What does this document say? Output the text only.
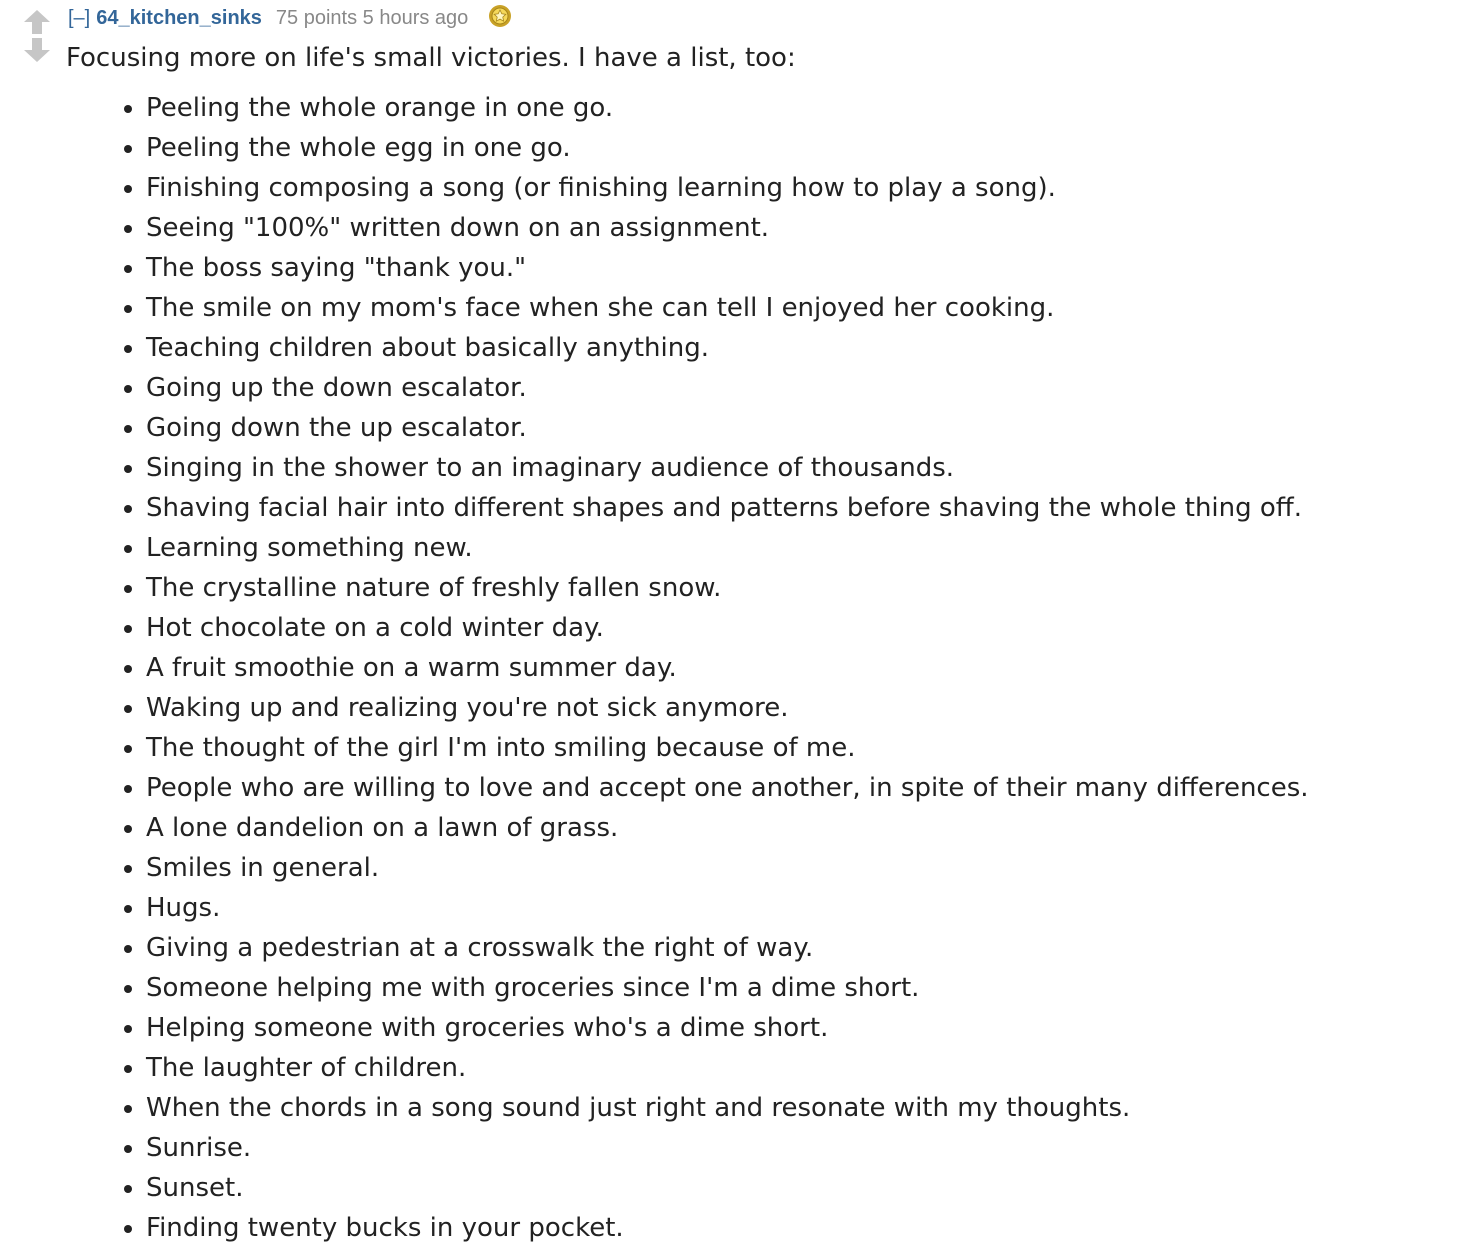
[–] 64_kitchen_sinks 75 points 5 hours ago
Focusing more on life's small victories. I have a list, too:
• Peeling the whole orange in one go.
• Peeling the whole egg in one go.
• Finishing composing a song (or finishing learning how to play a song).
• Seeing "100%" written down on an assignment.
• The boss saying "thank you."
• The smile on my mom's face when she can tell I enjoyed her cooking.
• Teaching children about basically anything.
• Going up the down escalator.
• Going down the up escalator.
• Singing in the shower to an imaginary audience of thousands.
• Shaving facial hair into different shapes and patterns before shaving the whole thing off.
• Learning something new.
• The crystalline nature of freshly fallen snow.
• Hot chocolate on a cold winter day.
• A fruit smoothie on a warm summer day.
• Waking up and realizing you're not sick anymore.
• The thought of the girl I'm into smiling because of me.
• People who are willing to love and accept one another, in spite of their many differences.
• A lone dandelion on a lawn of grass.
• Smiles in general.
• Hugs.
• Giving a pedestrian at a crosswalk the right of way.
• Someone helping me with groceries since I'm a dime short.
• Helping someone with groceries who's a dime short.
• The laughter of children.
• When the chords in a song sound just right and resonate with my thoughts.
• Sunrise.
• Sunset.
• Finding twenty bucks in your pocket.
